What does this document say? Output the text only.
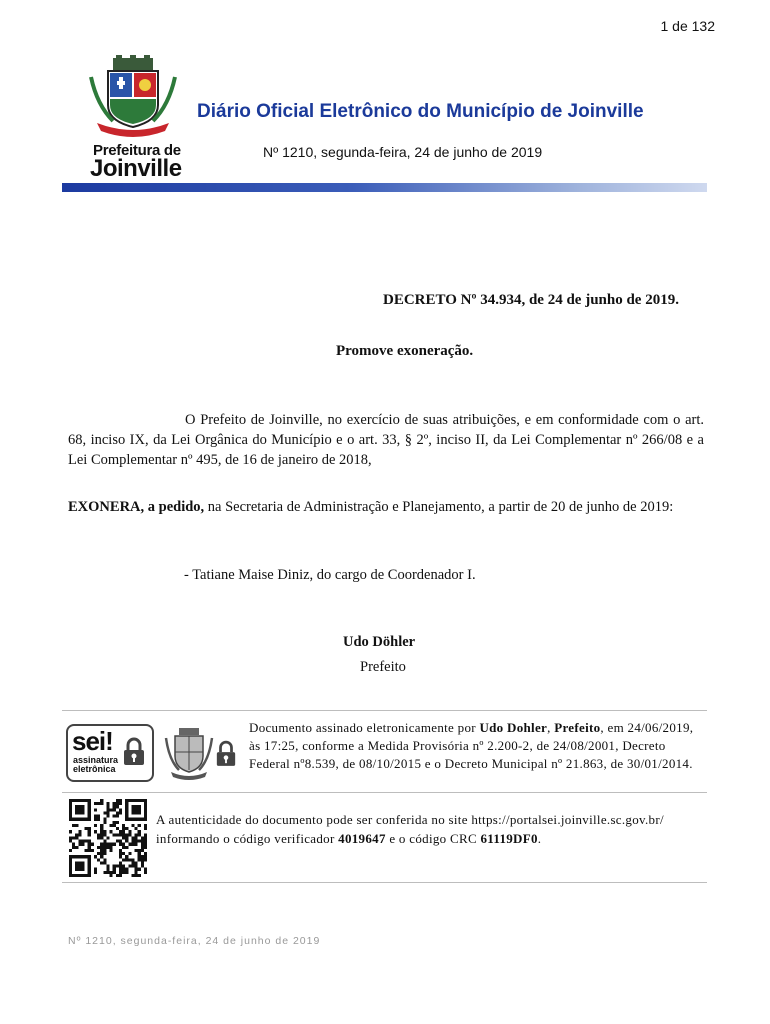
1 de 132
Prefeitura de
Joinville
Diário Oficial Eletrônico do Município de Joinville
Nº 1210, segunda-feira, 24 de junho de 2019
DECRETO Nº 34.934, de 24 de junho de 2019.
Promove exoneração.
O Prefeito de Joinville, no exercício de suas atribuições, e em conformidade com o art. 68, inciso IX, da Lei Orgânica do Município e o art. 33, § 2º, inciso II, da Lei Complementar nº 266/08 e a Lei Complementar nº 495, de 16 de janeiro de 2018,
EXONERA, a pedido, na Secretaria de Administração e Planejamento, a partir de 20 de junho de 2019:
- Tatiane Maise Diniz, do cargo de Coordenador I.
Udo Döhler
Prefeito
sei!
assinatura
eletrônica
Documento assinado eletronicamente por Udo Dohler, Prefeito, em 24/06/2019, às 17:25, conforme a Medida Provisória nº 2.200-2, de 24/08/2001, Decreto Federal nº8.539, de 08/10/2015 e o Decreto Municipal nº 21.863, de 30/01/2014.
A autenticidade do documento pode ser conferida no site https://portalsei.joinville.sc.gov.br/ informando o código verificador 4019647 e o código CRC 61119DF0.
Nº 1210, segunda-feira, 24 de junho de 2019
